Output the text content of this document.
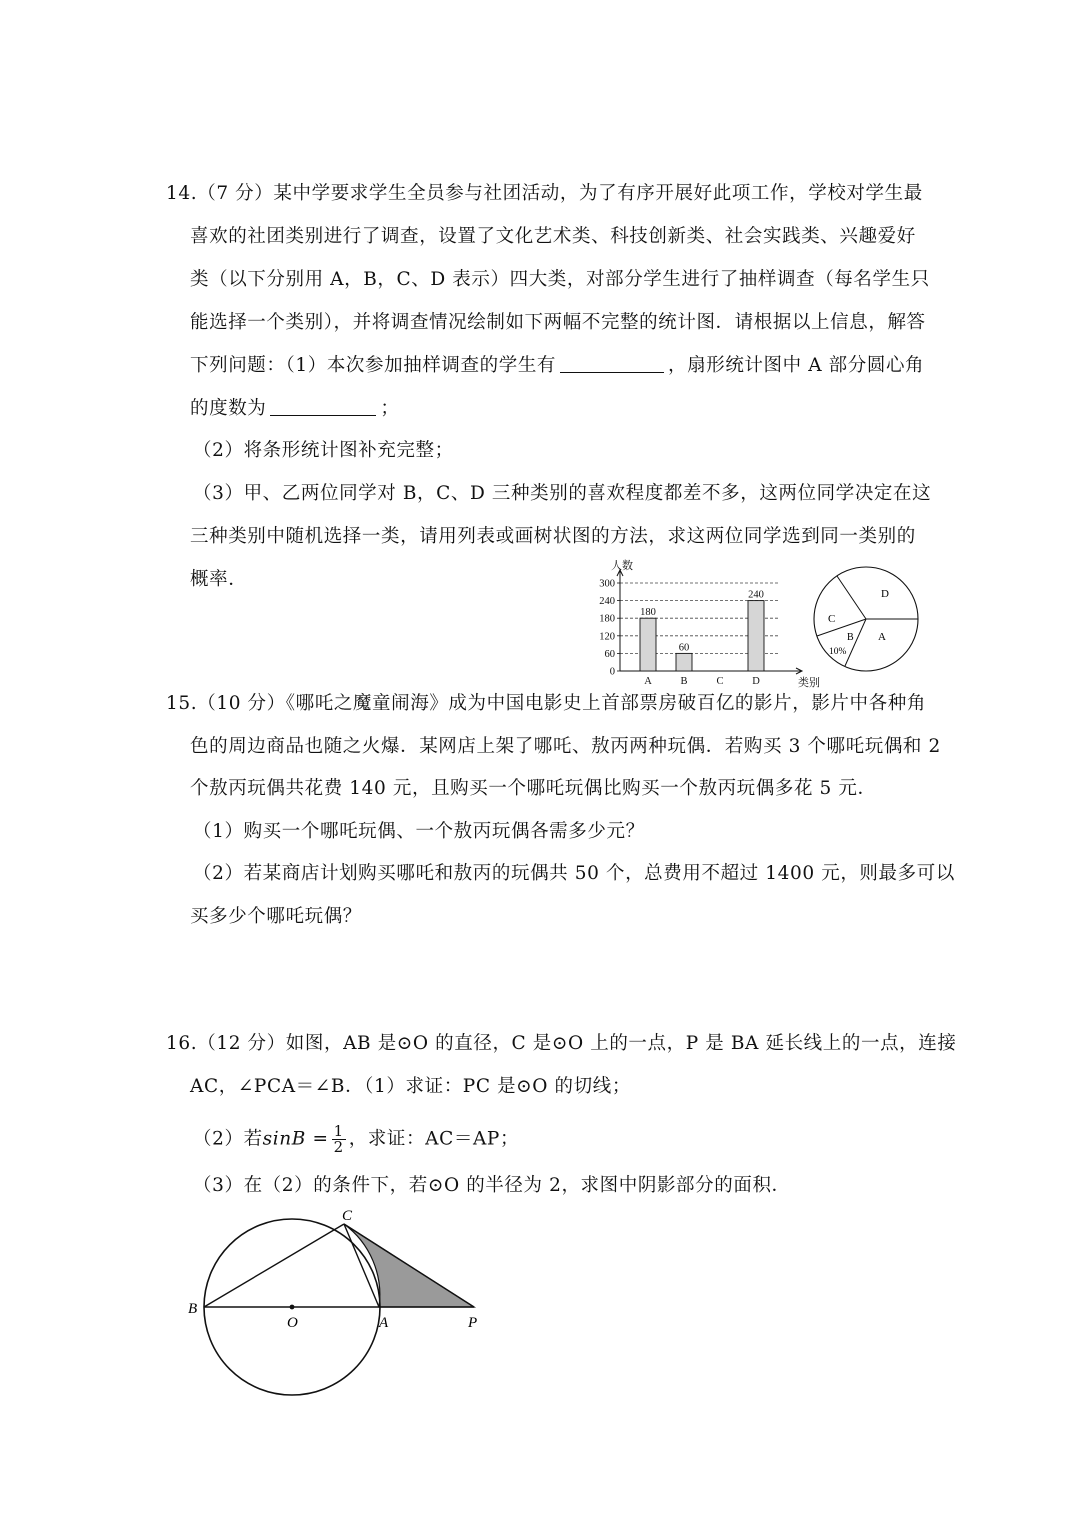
14.（7 分）某中学要求学生全员参与社团活动，为了有序开展好此项工作，学校对学生最
喜欢的社团类别进行了调查，设置了文化艺术类、科技创新类、社会实践类、兴趣爱好
类（以下分别用 A，B，C、D 表示）四大类，对部分学生进行了抽样调查（每名学生只
能选择一个类别），并将调查情况绘制如下两幅不完整的统计图．请根据以上信息，解答
下列问题：（1）本次参加抽样调查的学生有	，扇形统计图中 A 部分圆心角
的度数为	；
（2）将条形统计图补充完整；
（3）甲、乙两位同学对 B，C、D 三种类别的喜欢程度都差不多，这两位同学决定在这
三种类别中随机选择一类，请用列表或画树状图的方法，求这两位同学选到同一类别的
概率．
0
60
120
180
240
300
人数
类别
180
A
60
B	C
240
D
D
C
B A
10%
15.（10 分）《哪吒之魔童闹海》成为中国电影史上首部票房破百亿的影片，影片中各种角
色的周边商品也随之火爆．某网店上架了哪吒、敖丙两种玩偶．若购买 3 个哪吒玩偶和 2
个敖丙玩偶共花费 140 元，且购买一个哪吒玩偶比购买一个敖丙玩偶多花 5 元．
（1）购买一个哪吒玩偶、一个敖丙玩偶各需多少元？
（2）若某商店计划购买哪吒和敖丙的玩偶共 50 个，总费用不超过 1400 元，则最多可以
买多少个哪吒玩偶？
16.（12 分）如图，AB 是⊙O 的直径，C 是⊙O 上的一点，P 是 BA 延长线上的一点，连接
AC，∠PCA＝∠B．（1）求证：PC 是⊙O 的切线；
（2）若$\sin B = \frac{1}{2}$ ，求证：AC＝AP；
（3）在（2）的条件下，若⊙O 的半径为 2，求图中阴影部分的面积．
C
B
O	A	P
